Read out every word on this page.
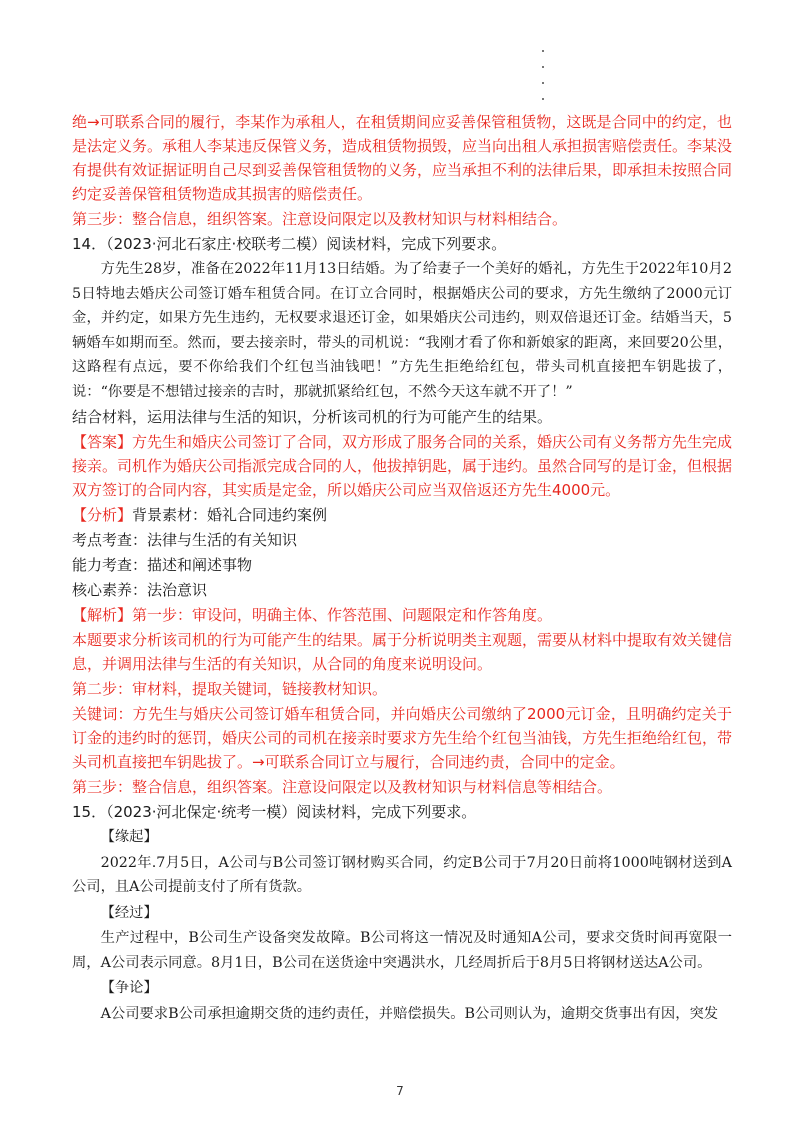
绝→可联系合同的履行，李某作为承租人，在租赁期间应妥善保管租赁物，这既是合同中的约定，也是法定义务。承租人李某违反保管义务，造成租赁物损毁，应当向出租人承担损害赔偿责任。李某没有提供有效证据证明自己尽到妥善保管租赁物的义务，应当承担不利的法律后果，即承担未按照合同约定妥善保管租赁物造成其损害的赔偿责任。

第三步：整合信息，组织答案。注意设问限定以及教材知识与材料相结合。

14．（2023·河北石家庄·校联考二模）阅读材料，完成下列要求。

方先生28岁，准备在2022年11月13日结婚。为了给妻子一个美好的婚礼，方先生于2022年10月25日特地去婚庆公司签订婚车租赁合同。在订立合同时，根据婚庆公司的要求，方先生缴纳了2000元订金，并约定，如果方先生违约，无权要求退还订金，如果婚庆公司违约，则双倍退还订金。结婚当天，5辆婚车如期而至。然而，要去接亲时，带头的司机说：“我刚才看了你和新娘家的距离，来回要20公里，这路程有点远，要不你给我们个红包当油钱吧！”方先生拒绝给红包，带头司机直接把车钥匙拔了，说：“你要是不想错过接亲的吉时，那就抓紧给红包，不然今天这车就不开了！”

结合材料，运用法律与生活的知识，分析该司机的行为可能产生的结果。

【答案】方先生和婚庆公司签订了合同，双方形成了服务合同的关系，婚庆公司有义务帮方先生完成接亲。司机作为婚庆公司指派完成合同的人，他拔掉钥匙，属于违约。虽然合同写的是订金，但根据双方签订的合同内容，其实质是定金，所以婚庆公司应当双倍返还方先生4000元。

【分析】背景素材：婚礼合同违约案例

考点考查：法律与生活的有关知识

能力考查：描述和阐述事物

核心素养：法治意识

【解析】第一步：审设问，明确主体、作答范围、问题限定和作答角度。

本题要求分析该司机的行为可能产生的结果。属于分析说明类主观题，需要从材料中提取有效关键信息，并调用法律与生活的有关知识，从合同的角度来说明设问。

第二步：审材料，提取关键词，链接教材知识。

关键词：方先生与婚庆公司签订婚车租赁合同，并向婚庆公司缴纳了2000元订金，且明确约定关于订金的违约时的惩罚，婚庆公司的司机在接亲时要求方先生给个红包当油钱，方先生拒绝给红包，带头司机直接把车钥匙拔了。→可联系合同订立与履行，合同违约责，合同中的定金。

第三步：整合信息，组织答案。注意设问限定以及教材知识与材料信息等相结合。

15．（2023·河北保定·统考一模）阅读材料，完成下列要求。

【缘起】

2022年.7月5日，A公司与B公司签订钢材购买合同，约定B公司于7月20日前将1000吨钢材送到A公司，且A公司提前支付了所有货款。

【经过】

生产过程中，B公司生产设备突发故障。B公司将这一情况及时通知A公司，要求交货时间再宽限一周，A公司表示同意。8月1日，B公司在送货途中突遇洪水，几经周折后于8月5日将钢材送达A公司。

【争论】

A公司要求B公司承担逾期交货的违约责任，并赔偿损失。B公司则认为，逾期交货事出有因，突发

7
